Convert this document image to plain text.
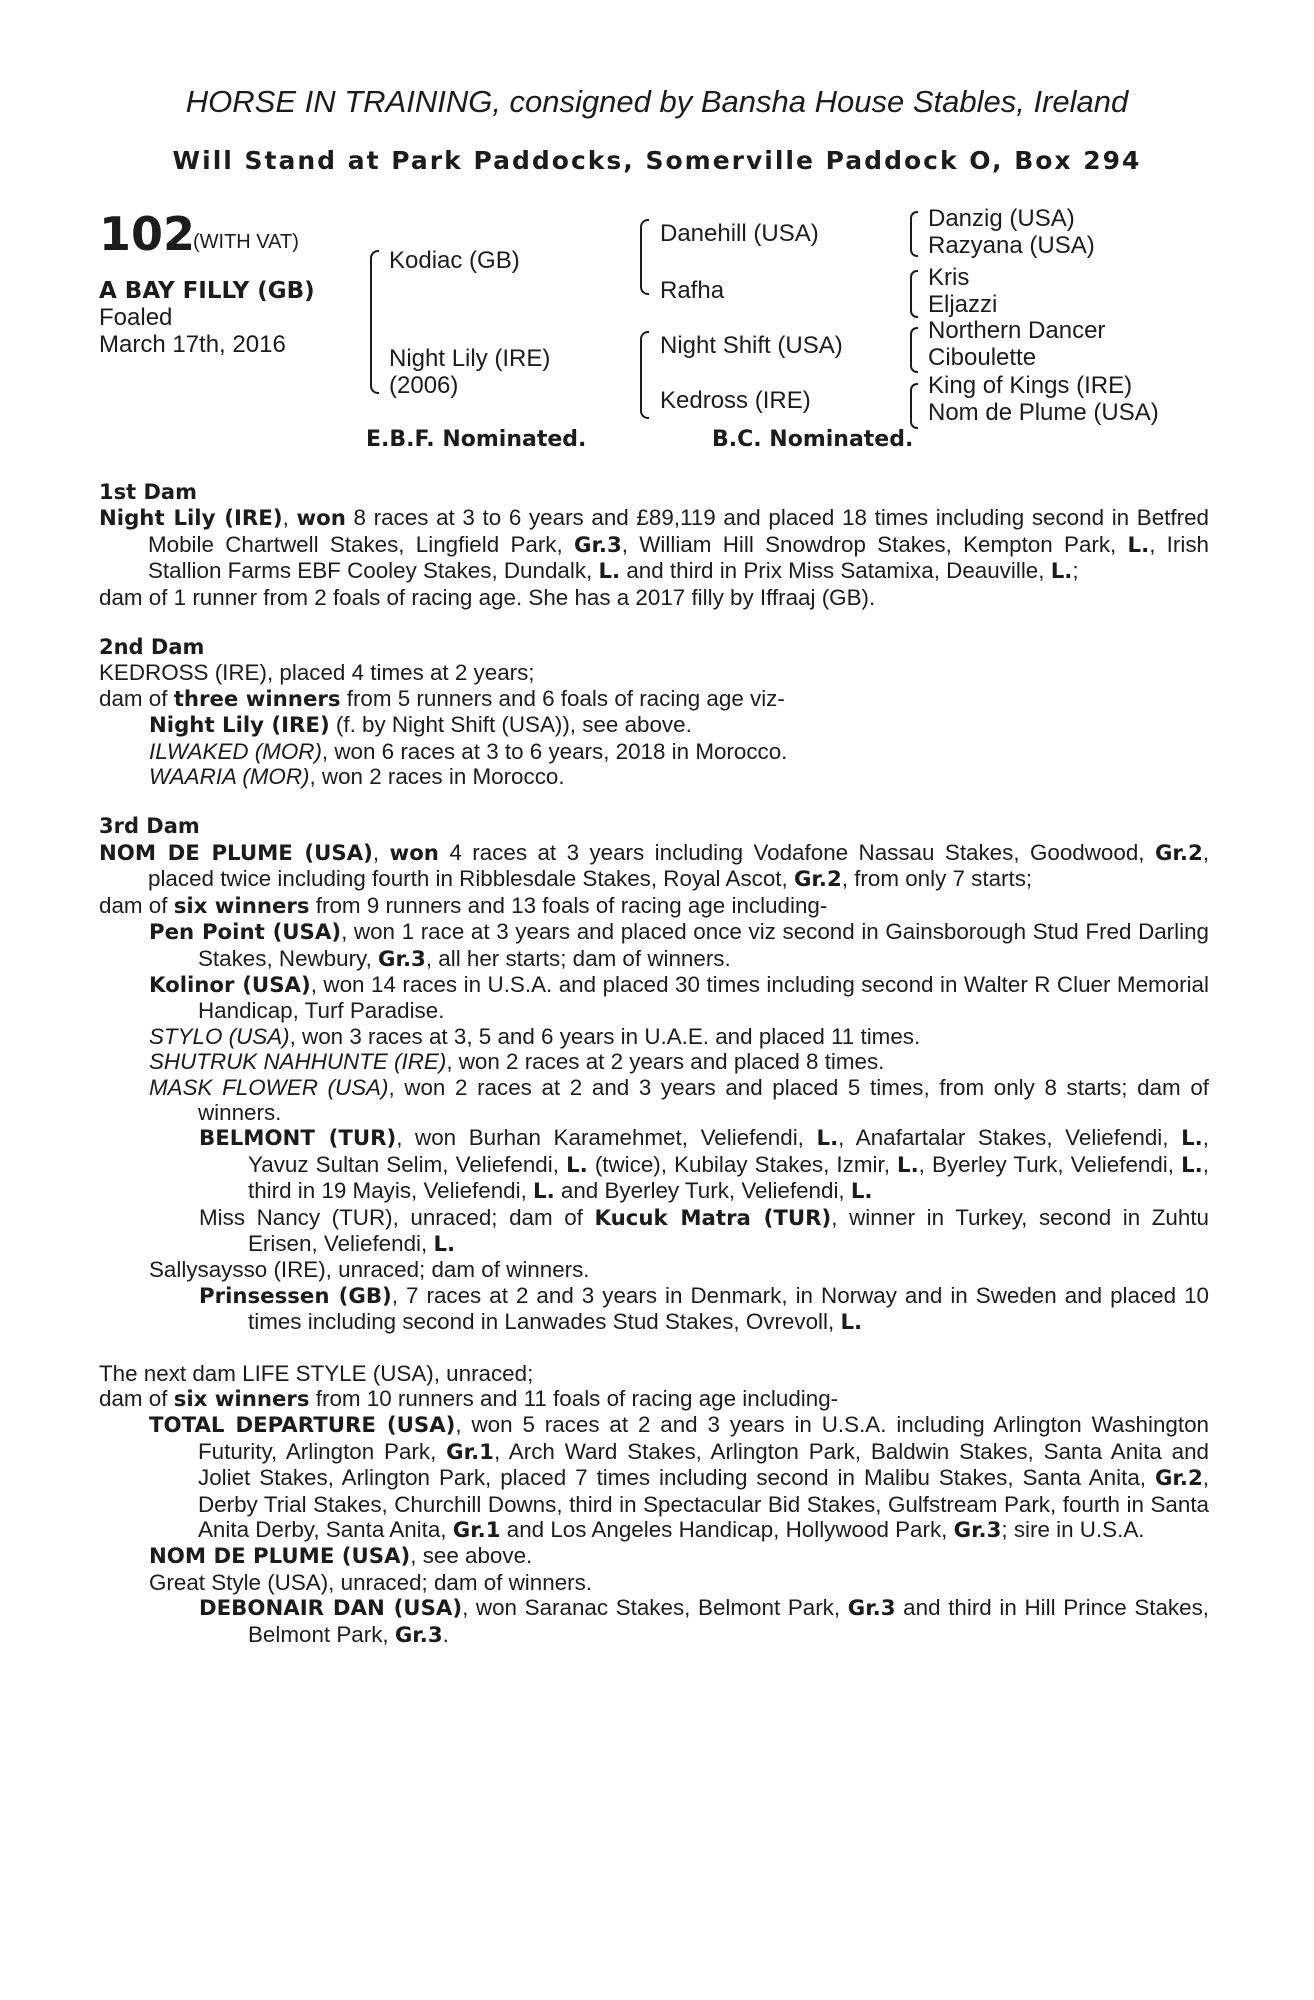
HORSE IN TRAINING, consigned by Bansha House Stables, Ireland
Will Stand at Park Paddocks, Somerville Paddock O, Box 294
102
(WITH VAT)
A BAY FILLY (GB)
Foaled
March 17th, 2016
Kodiac (GB)
Night Lily (IRE)
(2006)
Danehill (USA)
Rafha
Night Shift (USA)
Kedross (IRE)
Danzig (USA)
Razyana (USA)
Kris
Eljazzi
Northern Dancer
Ciboulette
King of Kings (IRE)
Nom de Plume (USA)
E.B.F. Nominated.	B.C. Nominated.

1st Dam

Night Lily (IRE), won 8 races at 3 to 6 years and £89,119 and placed 18 times including second in Betfred Mobile Chartwell Stakes, Lingfield Park, Gr.3, William Hill Snowdrop Stakes, Kempton Park, L., Irish Stallion Farms EBF Cooley Stakes, Dundalk, L. and third in Prix Miss Satamixa, Deauville, L.;

dam of 1 runner from 2 foals of racing age. She has a 2017 filly by Iffraaj (GB).

2nd Dam

KEDROSS (IRE), placed 4 times at 2 years;

dam of three winners from 5 runners and 6 foals of racing age viz-

Night Lily (IRE) (f. by Night Shift (USA)), see above.

ILWAKED (MOR), won 6 races at 3 to 6 years, 2018 in Morocco.

WAARIA (MOR), won 2 races in Morocco.

3rd Dam

NOM DE PLUME (USA), won 4 races at 3 years including Vodafone Nassau Stakes, Goodwood, Gr.2, placed twice including fourth in Ribblesdale Stakes, Royal Ascot, Gr.2, from only 7 starts;

dam of six winners from 9 runners and 13 foals of racing age including-

Pen Point (USA), won 1 race at 3 years and placed once viz second in Gainsborough Stud Fred Darling Stakes, Newbury, Gr.3, all her starts; dam of winners.

Kolinor (USA), won 14 races in U.S.A. and placed 30 times including second in Walter R Cluer Memorial Handicap, Turf Paradise.

STYLO (USA), won 3 races at 3, 5 and 6 years in U.A.E. and placed 11 times.

SHUTRUK NAHHUNTE (IRE), won 2 races at 2 years and placed 8 times.

MASK FLOWER (USA), won 2 races at 2 and 3 years and placed 5 times, from only 8 starts; dam of winners.

BELMONT (TUR), won Burhan Karamehmet, Veliefendi, L., Anafartalar Stakes, Veliefendi, L., Yavuz Sultan Selim, Veliefendi, L. (twice), Kubilay Stakes, Izmir, L., Byerley Turk, Veliefendi, L., third in 19 Mayis, Veliefendi, L. and Byerley Turk, Veliefendi, L.

Miss Nancy (TUR), unraced; dam of Kucuk Matra (TUR), winner in Turkey, second in Zuhtu Erisen, Veliefendi, L.

Sallysaysso (IRE), unraced; dam of winners.

Prinsessen (GB), 7 races at 2 and 3 years in Denmark, in Norway and in Sweden and placed 10 times including second in Lanwades Stud Stakes, Ovrevoll, L.

The next dam LIFE STYLE (USA), unraced;

dam of six winners from 10 runners and 11 foals of racing age including-

TOTAL DEPARTURE (USA), won 5 races at 2 and 3 years in U.S.A. including Arlington Washington Futurity, Arlington Park, Gr.1, Arch Ward Stakes, Arlington Park, Baldwin Stakes, Santa Anita and Joliet Stakes, Arlington Park, placed 7 times including second in Malibu Stakes, Santa Anita, Gr.2, Derby Trial Stakes, Churchill Downs, third in Spectacular Bid Stakes, Gulfstream Park, fourth in Santa Anita Derby, Santa Anita, Gr.1 and Los Angeles Handicap, Hollywood Park, Gr.3; sire in U.S.A.

NOM DE PLUME (USA), see above.

Great Style (USA), unraced; dam of winners.

DEBONAIR DAN (USA), won Saranac Stakes, Belmont Park, Gr.3 and third in Hill Prince Stakes, Belmont Park, Gr.3.
